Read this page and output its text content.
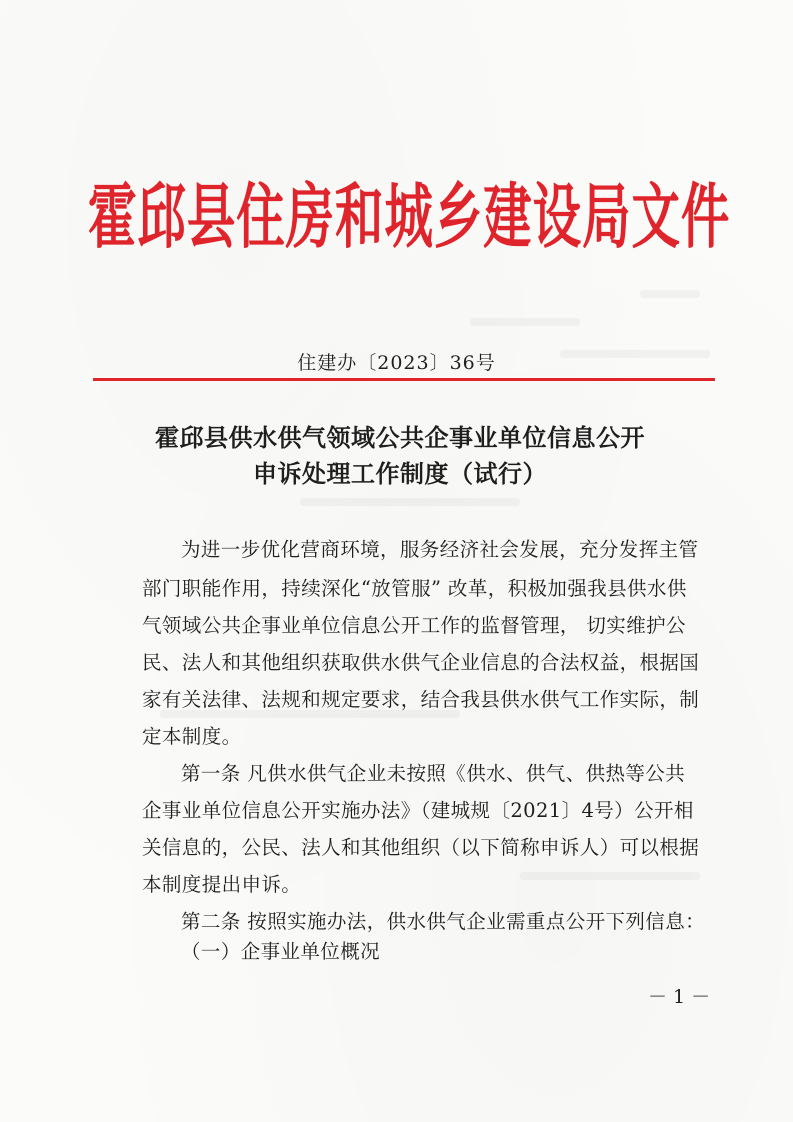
霍邱县住房和城乡建设局文件
住建办〔2023〕36号
霍邱县供水供气领域公共企事业单位信息公开
申诉处理工作制度（试行）
为进一步优化营商环境，服务经济社会发展，充分发挥主管
部门职能作用，持续深化“放管服” 改革，积极加强我县供水供
气领域公共企事业单位信息公开工作的监督管理， 切实维护公
民、法人和其他组织获取供水供气企业信息的合法权益，根据国
家有关法律、法规和规定要求，结合我县供水供气工作实际，制
定本制度。
第一条 凡供水供气企业未按照《供水、供气、供热等公共
企事业单位信息公开实施办法》（建城规〔2021〕4号）公开相
关信息的，公民、法人和其他组织（以下简称申诉人）可以根据
本制度提出申诉。
第二条 按照实施办法，供水供气企业需重点公开下列信息：
（一）企事业单位概况
－ 1 －
